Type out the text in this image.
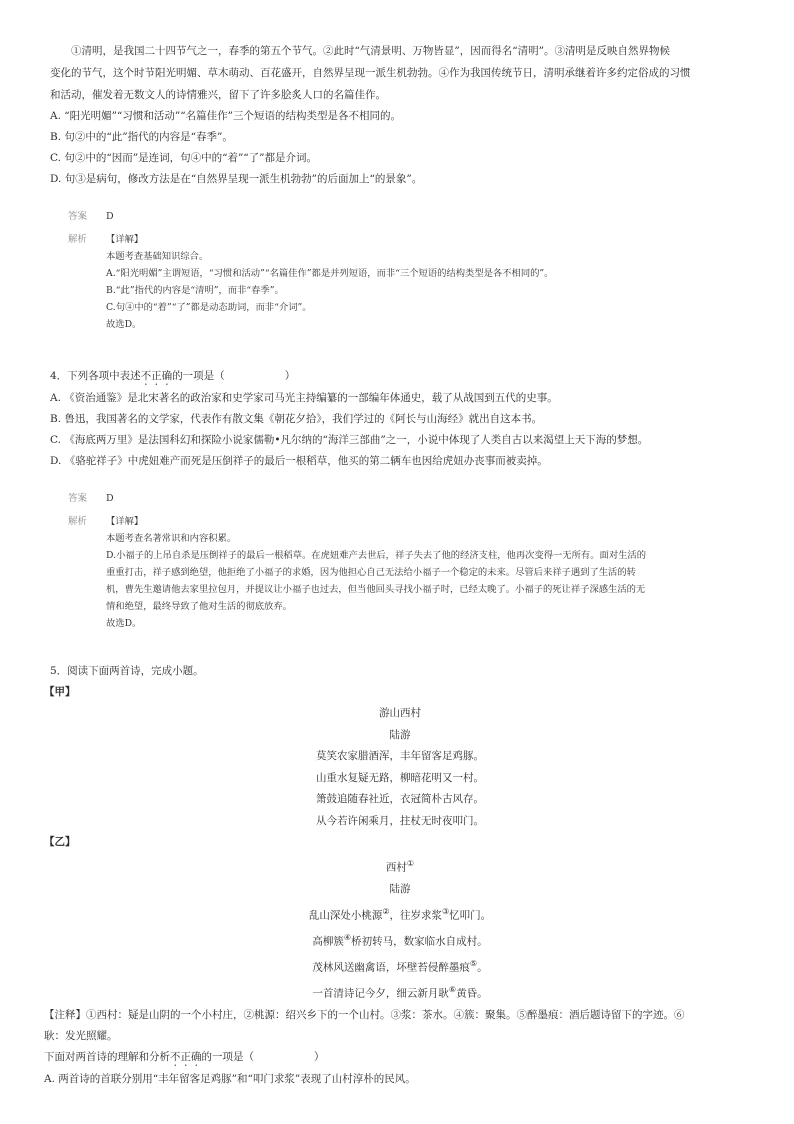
①清明，是我国二十四节气之一，春季的第五个节气。②此时“气清景明、万物皆显”，因而得名“清明”。③清明是反映自然界物候

变化的节气，这个时节阳光明媚、草木萌动、百花盛开，自然界呈现一派生机勃勃。④作为我国传统节日，清明承继着许多约定俗成的习惯

和活动，催发着无数文人的诗情雅兴，留下了许多脍炙人口的名篇佳作。

A. “阳光明媚”“习惯和活动”“名篇佳作”三个短语的结构类型是各不相同的。

B. 句②中的“此”指代的内容是“春季”。

C. 句②中的“因而”是连词，句④中的“着”“了”都是介词。

D. 句③是病句，修改方法是在“自然界呈现一派生机勃勃”的后面加上“的景象”。

答案	D
解析	【详解】
本题考查基础知识综合。
A.“阳光明媚”主谓短语，“习惯和活动”“名篇佳作”都是并列短语，而非“三个短语的结构类型是各不相同的”。
B.“此”指代的内容是“清明”，而非“春季”。
C.句④中的“着”“了”都是动态助词，而非“介词”。
故选D。

4．下列各项中表述不正确的一项是（	）

A. 《资治通鉴》是北宋著名的政治家和史学家司马光主持编纂的一部编年体通史，载了从战国到五代的史事。

B. 鲁迅，我国著名的文学家，代表作有散文集《朝花夕拾》，我们学过的《阿长与山海经》就出自这本书。

C. 《海底两万里》是法国科幻和探险小说家儒勒•凡尔纳的“海洋三部曲”之一，小说中体现了人类自古以来渴望上天下海的梦想。

D. 《骆驼祥子》中虎妞难产而死是压倒祥子的最后一根稻草，他买的第二辆车也因给虎妞办丧事而被卖掉。

答案	D
解析	【详解】
本题考查名著常识和内容积累。
D.小福子的上吊自杀是压倒祥子的最后一根稻草。在虎妞难产去世后，祥子失去了他的经济支柱，他再次变得一无所有。面对生活的
重重打击，祥子感到绝望，他拒绝了小福子的求婚，因为他担心自己无法给小福子一个稳定的未来。尽管后来祥子遇到了生活的转
机，曹先生邀请他去家里拉包月，并提议让小福子也过去，但当他回头寻找小福子时，已经太晚了。小福子的死让祥子深感生活的无
情和绝望，最终导致了他对生活的彻底放弃。
故选D。

5．阅读下面两首诗，完成小题。

【甲】

游山西村

陆游

莫笑农家腊酒浑，丰年留客足鸡豚。

山重水复疑无路，柳暗花明又一村。

箫鼓追随春社近，衣冠简朴古风存。

从今若许闲乘月，拄杖无时夜叩门。

【乙】

西村①

陆游

乱山深处小桃源②，往岁求浆③忆叩门。

高柳簇④桥初转马，数家临水自成村。

茂林风送幽禽语，坏壁苔侵醉墨痕⑤。

一首清诗记今夕，细云新月耿⑥黄昏。

【注释】①西村：疑是山阴的一个小村庄，②桃源：绍兴乡下的一个山村。③浆：茶水。④簇：聚集。⑤醉墨痕：酒后题诗留下的字迹。⑥

耿：发光照耀。

下面对两首诗的理解和分析不正确的一项是（	）

A. 两首诗的首联分别用“丰年留客足鸡豚”和“叩门求浆”表现了山村淳朴的民风。
